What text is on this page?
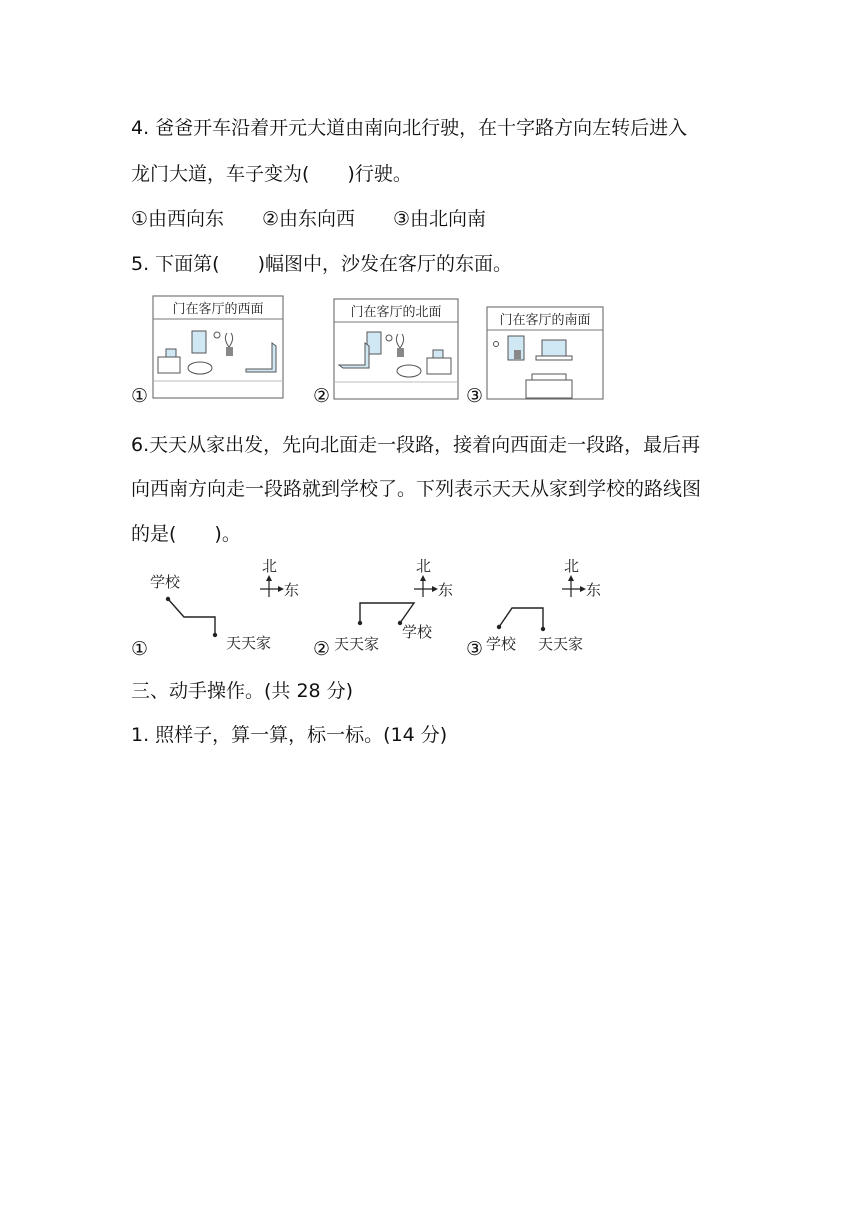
4. 爸爸开车沿着开元大道由南向北行驶，在十字路方向左转后进入
龙门大道，车子变为(　　)行驶。
①由西向东 ②由东向西 ③由北向南
5. 下面第(　　)幅图中，沙发在客厅的东面。
①
门在客厅的西面
②
门在客厅的北面
③
门在客厅的南面
6.天天从家出发，先向北面走一段路，接着向西面走一段路，最后再
向西南方向走一段路就到学校了。下列表示天天从家到学校的路线图
的是(　　)。
①
学校
天天家
北
东
② 天天家
学校
北
东
③ 学校 天天家
北
东
三、动手操作。(共 28 分)
1. 照样子，算一算，标一标。(14 分)
